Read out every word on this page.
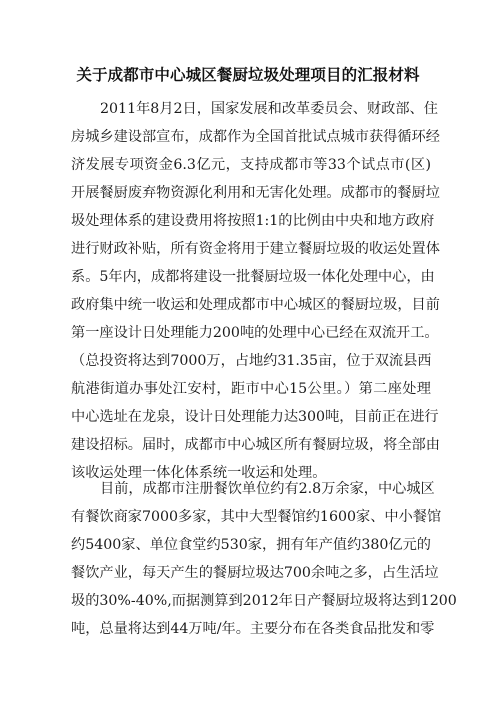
关于成都市中心城区餐厨垃圾处理项目的汇报材料
2011年8月2日，国家发展和改革委员会、财政部、住
房城乡建设部宣布，成都作为全国首批试点城市获得循环经
济发展专项资金6.3亿元，支持成都市等33个试点市(区)
开展餐厨废弃物资源化利用和无害化处理。成都市的餐厨垃
圾处理体系的建设费用将按照1:1的比例由中央和地方政府
进行财政补贴，所有资金将用于建立餐厨垃圾的收运处置体
系。5年内，成都将建设一批餐厨垃圾一体化处理中心，由
政府集中统一收运和处理成都市中心城区的餐厨垃圾，目前
第一座设计日处理能力200吨的处理中心已经在双流开工。
（总投资将达到7000万，占地约31.35亩，位于双流县西
航港街道办事处江安村，距市中心15公里。）第二座处理
中心选址在龙泉，设计日处理能力达300吨，目前正在进行
建设招标。届时，成都市中心城区所有餐厨垃圾，将全部由
该收运处理一体化体系统一收运和处理。
目前，成都市注册餐饮单位约有2.8万余家，中心城区
有餐饮商家7000多家，其中大型餐馆约1600家、中小餐馆
约5400家、单位食堂约530家，拥有年产值约380亿元的
餐饮产业，每天产生的餐厨垃圾达700余吨之多，占生活垃
圾的30%-40%,而据测算到2012年日产餐厨垃圾将达到1200
吨，总量将达到44万吨/年。主要分布在各类食品批发和零
